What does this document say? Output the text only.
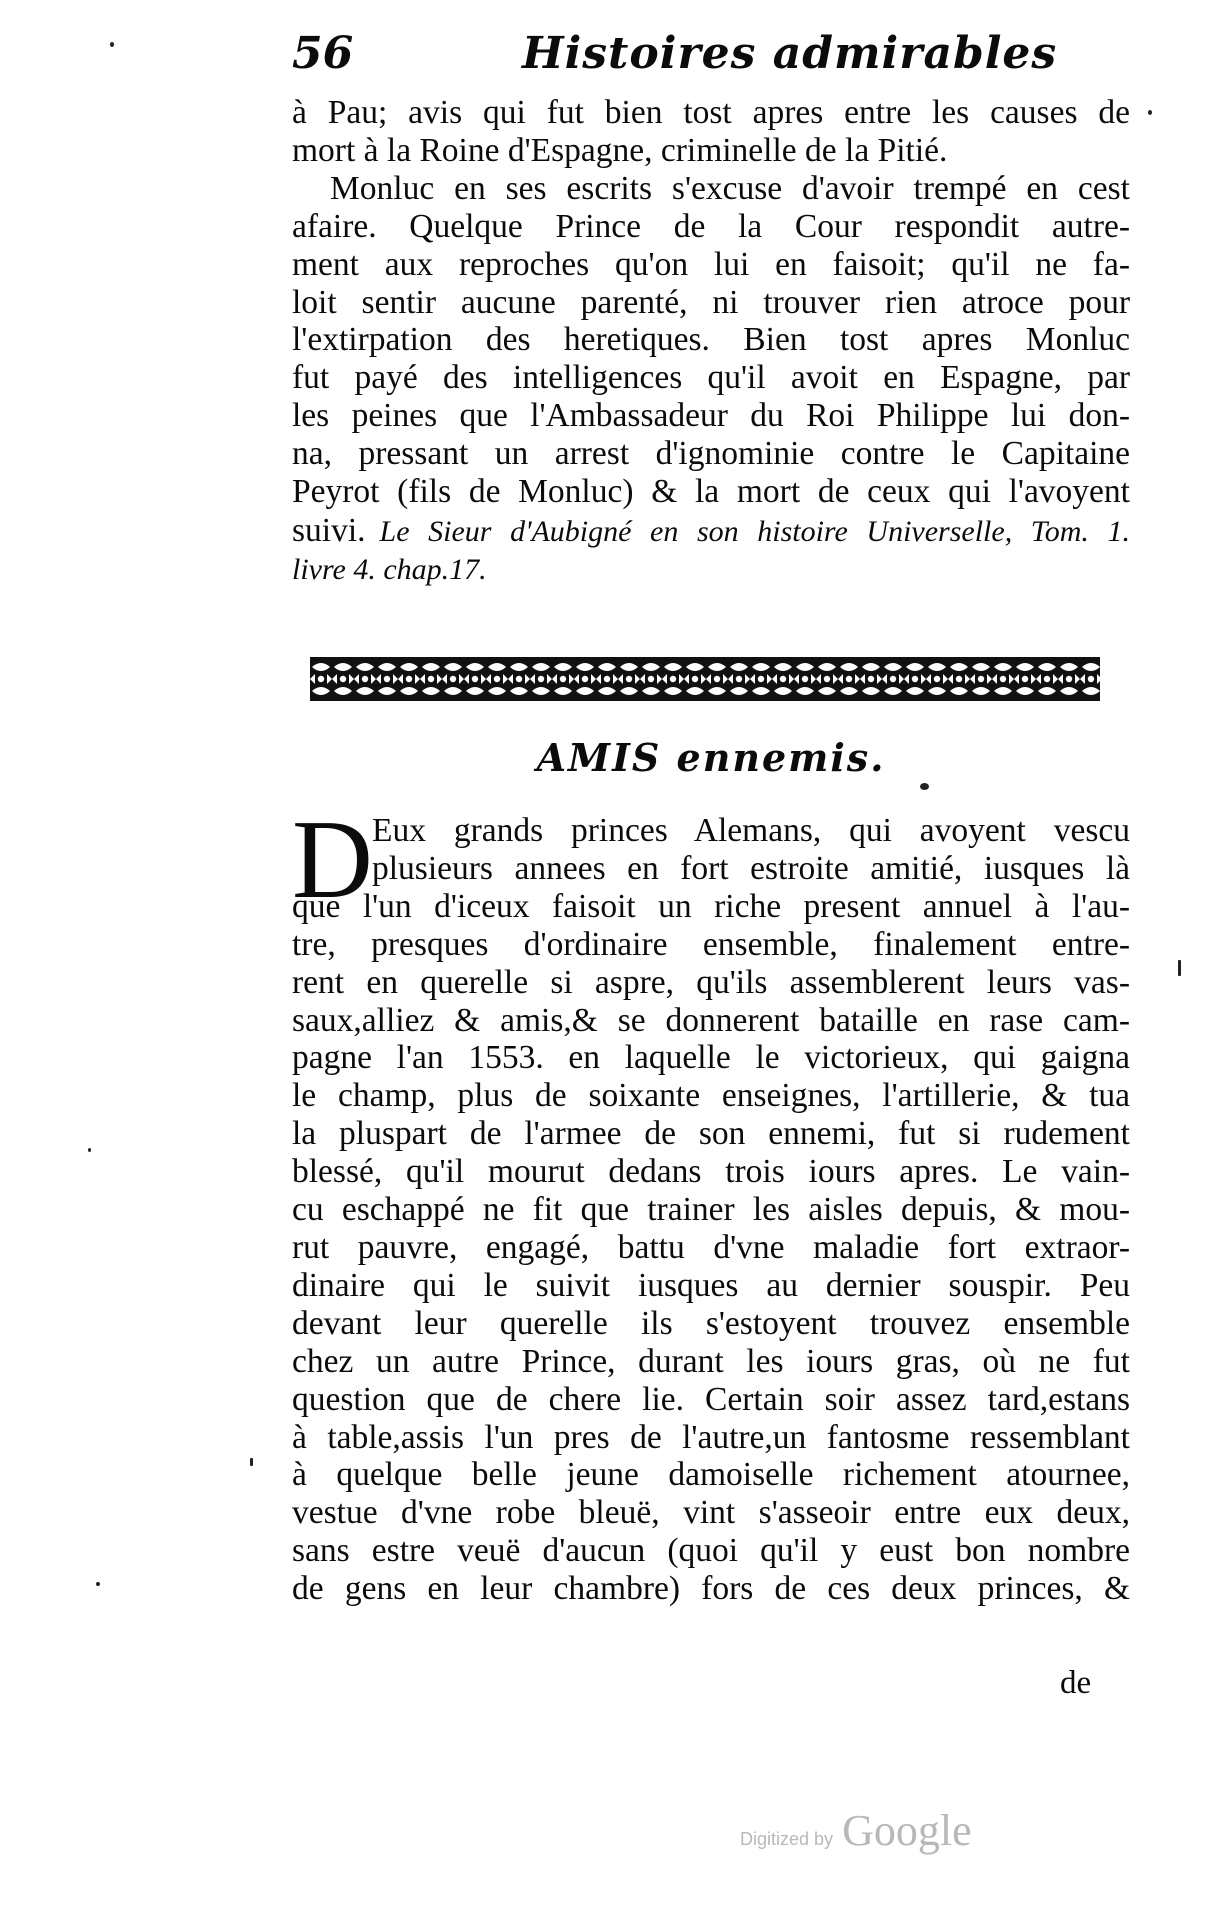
56	Histoires admirables
à Pau; avis qui fut bien tost apres entre les causes de
mort à la Roine d'Espagne, criminelle de la Pitié.
Monluc en ses escrits s'excuse d'avoir trempé en cest
afaire. Quelque Prince de la Cour respondit autre-
ment aux reproches qu'on lui en faisoit; qu'il ne fa-
loit sentir aucune parenté, ni trouver rien atroce pour
l'extirpation des heretiques. Bien tost apres Monluc
fut payé des intelligences qu'il avoit en Espagne, par
les peines que l'Ambassadeur du Roi Philippe lui don-
na, pressant un arrest d'ignominie contre le Capitaine
Peyrot (fils de Monluc) & la mort de ceux qui l'avoyent
suivi. Le Sieur d'Aubigné en son histoire Universelle, Tom. 1.
livre 4. chap.17.
AMIS ennemis.
D Eux grands princes Alemans, qui avoyent vescu
plusieurs annees en fort estroite amitié, iusques là
que l'un d'iceux faisoit un riche present annuel à l'au-
tre, presques d'ordinaire ensemble, finalement entre-
rent en querelle si aspre, qu'ils assemblerent leurs vas-
saux,alliez & amis,& se donnerent bataille en rase cam-
pagne l'an 1553. en laquelle le victorieux, qui gaigna
le champ, plus de soixante enseignes, l'artillerie, & tua
la pluspart de l'armee de son ennemi, fut si rudement
blessé, qu'il mourut dedans trois iours apres. Le vain-
cu eschappé ne fit que trainer les aisles depuis, & mou-
rut pauvre, engagé, battu d'vne maladie fort extraor-
dinaire qui le suivit iusques au dernier souspir. Peu
devant leur querelle ils s'estoyent trouvez ensemble
chez un autre Prince, durant les iours gras, où ne fut
question que de chere lie. Certain soir assez tard,estans
à table,assis l'un pres de l'autre,un fantosme ressemblant
à quelque belle jeune damoiselle richement atournee,
vestue d'vne robe bleuë, vint s'asseoir entre eux deux,
sans estre veuë d'aucun (quoi qu'il y eust bon nombre
de gens en leur chambre) fors de ces deux princes, &
de
Digitized by Google
